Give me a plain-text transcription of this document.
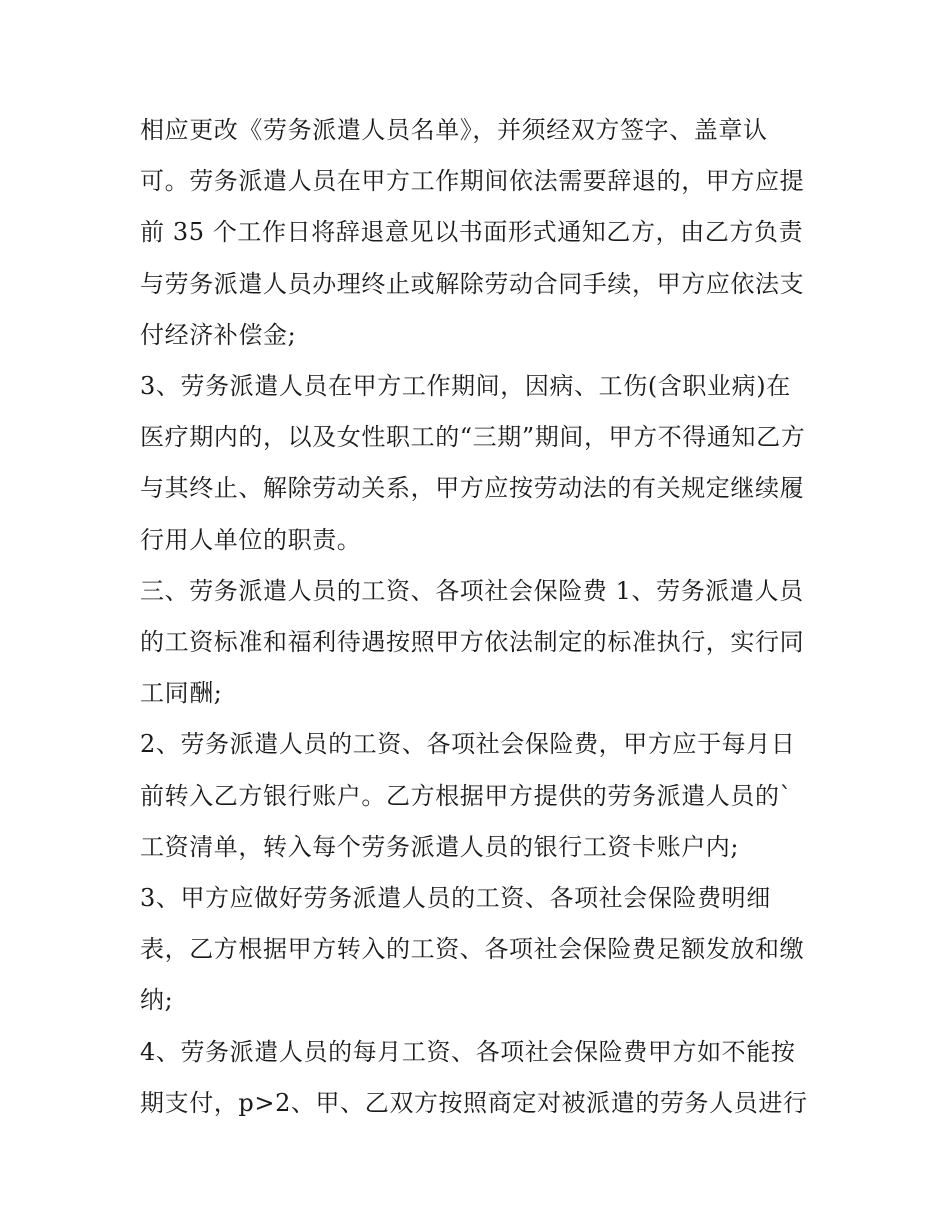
相应更改《劳务派遣人员名单》，并须经双方签字、盖章认
可。劳务派遣人员在甲方工作期间依法需要辞退的，甲方应提
前 35 个工作日将辞退意见以书面形式通知乙方，由乙方负责
与劳务派遣人员办理终止或解除劳动合同手续，甲方应依法支
付经济补偿金;
3、劳务派遣人员在甲方工作期间，因病、工伤(含职业病)在
医疗期内的，以及女性职工的“三期”期间，甲方不得通知乙方
与其终止、解除劳动关系，甲方应按劳动法的有关规定继续履
行用人单位的职责。
三、劳务派遣人员的工资、各项社会保险费 1、劳务派遣人员
的工资标准和福利待遇按照甲方依法制定的标准执行，实行同
工同酬;
2、劳务派遣人员的工资、各项社会保险费，甲方应于每月日
前转入乙方银行账户。乙方根据甲方提供的劳务派遣人员的`
工资清单，转入每个劳务派遣人员的银行工资卡账户内;
3、甲方应做好劳务派遣人员的工资、各项社会保险费明细
表，乙方根据甲方转入的工资、各项社会保险费足额发放和缴
纳;
4、劳务派遣人员的每月工资、各项社会保险费甲方如不能按
期支付，p>2、甲、乙双方按照商定对被派遣的劳务人员进行
